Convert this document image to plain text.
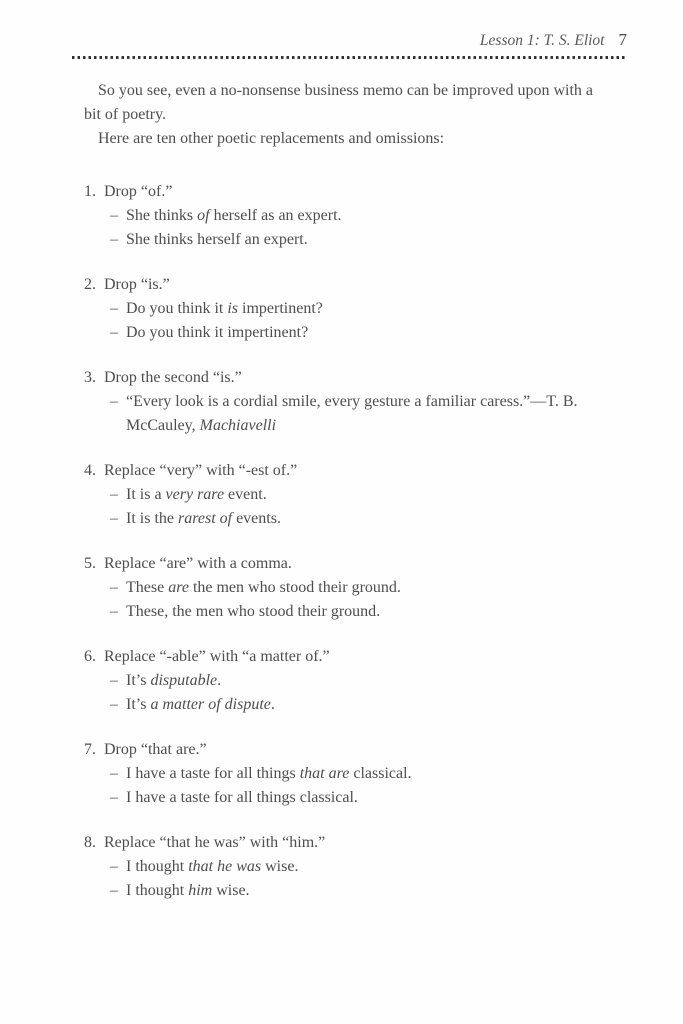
Lesson 1: T. S. Eliot 7

So you see, even a no-nonsense business memo can be improved upon with a
bit of poetry.

Here are ten other poetic replacements and omissions:

1. Drop “of.”
– She thinks of herself as an expert.
– She thinks herself an expert.
2. Drop “is.”
– Do you think it is impertinent?
– Do you think it impertinent?
3. Drop the second “is.”
– “Every look is a cordial smile, every gesture a familiar caress.”—T. B.
McCauley, Machiavelli
4. Replace “very” with “-est of.”
– It is a very rare event.
– It is the rarest of events.
5. Replace “are” with a comma.
– These are the men who stood their ground.
– These, the men who stood their ground.
6. Replace “-able” with “a matter of.”
– It’s disputable.
– It’s a matter of dispute.
7. Drop “that are.”
– I have a taste for all things that are classical.
– I have a taste for all things classical.
8. Replace “that he was” with “him.”
– I thought that he was wise.
– I thought him wise.
